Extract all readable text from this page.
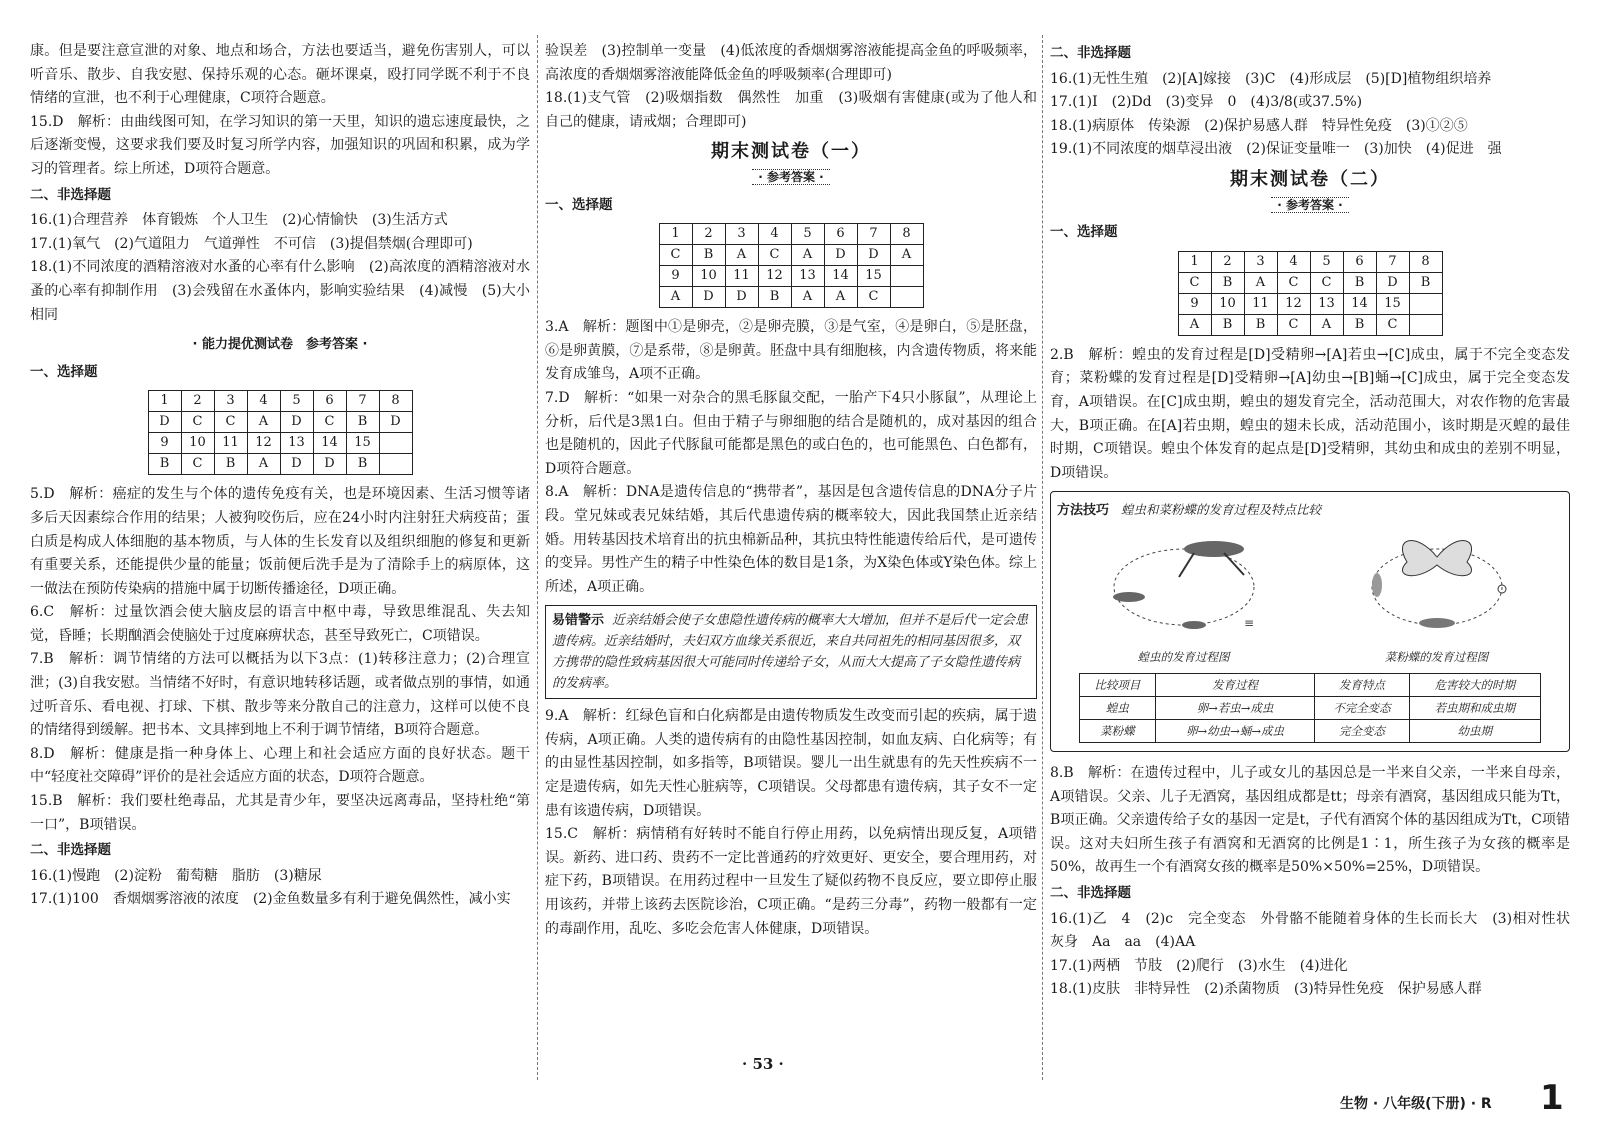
康。但是要注意宣泄的对象、地点和场合，方法也要适当，避免伤害别人，可以听音乐、散步、自我安慰、保持乐观的心态。砸坏课桌，殴打同学既不利于不良情绪的宣泄，也不利于心理健康，C项符合题意。

15.D　解析：由曲线图可知，在学习知识的第一天里，知识的遗忘速度最快，之后逐渐变慢，这要求我们要及时复习所学内容，加强知识的巩固和积累，成为学习的管理者。综上所述，D项符合题意。

二、非选择题

16.(1)合理营养　体育锻炼　个人卫生　(2)心情愉快　(3)生活方式

17.(1)氧气　(2)气道阻力　气道弹性　不可信　(3)提倡禁烟(合理即可)

18.(1)不同浓度的酒精溶液对水蚤的心率有什么影响　(2)高浓度的酒精溶液对水蚤的心率有抑制作用　(3)会残留在水蚤体内，影响实验结果　(4)减慢　(5)大小相同

· 能力提优测试卷　参考答案 ·
一、选择题
1	2	3	4	5	6	7	8
D	C	C	A	D	C	B	D
9	10	11	12	13	14	15	
B	C	B	A	D	D	B	

5.D　解析：癌症的发生与个体的遗传免疫有关，也是环境因素、生活习惯等诸多后天因素综合作用的结果；人被狗咬伤后，应在24小时内注射狂犬病疫苗；蛋白质是构成人体细胞的基本物质，与人体的生长发育以及组织细胞的修复和更新有重要关系，还能提供少量的能量；饭前便后洗手是为了清除手上的病原体，这一做法在预防传染病的措施中属于切断传播途径，D项正确。

6.C　解析：过量饮酒会使大脑皮层的语言中枢中毒，导致思维混乱、失去知觉，昏睡；长期酗酒会使脑处于过度麻痹状态，甚至导致死亡，C项错误。

7.B　解析：调节情绪的方法可以概括为以下3点：(1)转移注意力；(2)合理宣泄；(3)自我安慰。当情绪不好时，有意识地转移话题，或者做点别的事情，如通过听音乐、看电视、打球、下棋、散步等来分散自己的注意力，这样可以使不良的情绪得到缓解。把书本、文具摔到地上不利于调节情绪，B项符合题意。

8.D　解析：健康是指一种身体上、心理上和社会适应方面的良好状态。题干中“轻度社交障碍”评价的是社会适应方面的状态，D项符合题意。

15.B　解析：我们要杜绝毒品，尤其是青少年，要坚决远离毒品，坚持杜绝“第一口”，B项错误。

二、非选择题

16.(1)慢跑　(2)淀粉　葡萄糖　脂肪　(3)糖尿

17.(1)100　香烟烟雾溶液的浓度　(2)金鱼数量多有利于避免偶然性，减小实

验误差　(3)控制单一变量　(4)低浓度的香烟烟雾溶液能提高金鱼的呼吸频率，高浓度的香烟烟雾溶液能降低金鱼的呼吸频率(合理即可)

18.(1)支气管　(2)吸烟指数　偶然性　加重　(3)吸烟有害健康(或为了他人和自己的健康，请戒烟；合理即可)

期末测试卷（一）
· 参考答案 ·
一、选择题
1	2	3	4	5	6	7	8
C	B	A	C	A	D	D	A
9	10	11	12	13	14	15	
A	D	D	B	A	A	C	

3.A　解析：题图中①是卵壳，②是卵壳膜，③是气室，④是卵白，⑤是胚盘，⑥是卵黄膜，⑦是系带，⑧是卵黄。胚盘中具有细胞核，内含遗传物质，将来能发育成雏鸟，A项不正确。

7.D　解析：“如果一对杂合的黑毛豚鼠交配，一胎产下4只小豚鼠”，从理论上分析，后代是3黑1白。但由于精子与卵细胞的结合是随机的，成对基因的组合也是随机的，因此子代豚鼠可能都是黑色的或白色的，也可能黑色、白色都有，D项符合题意。

8.A　解析：DNA是遗传信息的“携带者”，基因是包含遗传信息的DNA分子片段。堂兄妹或表兄妹结婚，其后代患遗传病的概率较大，因此我国禁止近亲结婚。用转基因技术培育出的抗虫棉新品种，其抗虫特性能遗传给后代，是可遗传的变异。男性产生的精子中性染色体的数目是1条，为X染色体或Y染色体。综上所述，A项正确。

易错警示 近亲结婚会使子女患隐性遗传病的概率大大增加，但并不是后代一定会患遗传病。近亲结婚时，夫妇双方血缘关系很近，来自共同祖先的相同基因很多，双方携带的隐性致病基因很大可能同时传递给子女，从而大大提高了子女隐性遗传病的发病率。

9.A　解析：红绿色盲和白化病都是由遗传物质发生改变而引起的疾病，属于遗传病，A项正确。人类的遗传病有的由隐性基因控制，如血友病、白化病等；有的由显性基因控制，如多指等，B项错误。婴儿一出生就患有的先天性疾病不一定是遗传病，如先天性心脏病等，C项错误。父母都患有遗传病，其子女不一定患有该遗传病，D项错误。

15.C　解析：病情稍有好转时不能自行停止用药，以免病情出现反复，A项错误。新药、进口药、贵药不一定比普通药的疗效更好、更安全，要合理用药，对症下药，B项错误。在用药过程中一旦发生了疑似药物不良反应，要立即停止服用该药，并带上该药去医院诊治，C项正确。“是药三分毒”，药物一般都有一定的毒副作用，乱吃、多吃会危害人体健康，D项错误。

二、非选择题

16.(1)无性生殖　(2)[A]嫁接　(3)C　(4)形成层　(5)[D]植物组织培养

17.(1)Ⅰ　(2)Dd　(3)变异　0　(4)3/8(或37.5%)

18.(1)病原体　传染源　(2)保护易感人群　特异性免疫　(3)①②⑤

19.(1)不同浓度的烟草浸出液　(2)保证变量唯一　(3)加快　(4)促进　强

期末测试卷（二）
· 参考答案 ·
一、选择题
1	2	3	4	5	6	7	8
C	B	A	C	C	B	D	B
9	10	11	12	13	14	15	
A	B	B	C	A	B	C	

2.B　解析：蝗虫的发育过程是[D]受精卵→[A]若虫→[C]成虫，属于不完全变态发育；菜粉蝶的发育过程是[D]受精卵→[A]幼虫→[B]蛹→[C]成虫，属于完全变态发育，A项错误。在[C]成虫期，蝗虫的翅发育完全，活动范围大，对农作物的危害最大，B项正确。在[A]若虫期，蝗虫的翅未长成，活动范围小，该时期是灭蝗的最佳时期，C项错误。蝗虫个体发育的起点是[D]受精卵，其幼虫和成虫的差别不明显，D项错误。

方法技巧 蝗虫和菜粉蝶的发育过程及特点比较
≡
蝗虫的发育过程图	菜粉蝶的发育过程图
比较项目	发育过程	发育特点	危害较大的时期
蝗虫	卵→若虫→成虫	不完全变态	若虫期和成虫期
菜粉蝶	卵→幼虫→蛹→成虫	完全变态	幼虫期

8.B　解析：在遗传过程中，儿子或女儿的基因总是一半来自父亲，一半来自母亲，A项错误。父亲、儿子无酒窝，基因组成都是tt；母亲有酒窝，基因组成只能为Tt，B项正确。父亲遗传给子女的基因一定是t，子代有酒窝个体的基因组成为Tt，C项错误。这对夫妇所生孩子有酒窝和无酒窝的比例是1∶1，所生孩子为女孩的概率是50%，故再生一个有酒窝女孩的概率是50%×50%=25%，D项错误。

二、非选择题

16.(1)乙　4　(2)c　完全变态　外骨骼不能随着身体的生长而长大　(3)相对性状　灰身　Aa　aa　(4)AA

17.(1)两栖　节肢　(2)爬行　(3)水生　(4)进化

18.(1)皮肤　非特异性　(2)杀菌物质　(3)特异性免疫　保护易感人群

· 53 ·
生物 · 八年级(下册) · R 1
